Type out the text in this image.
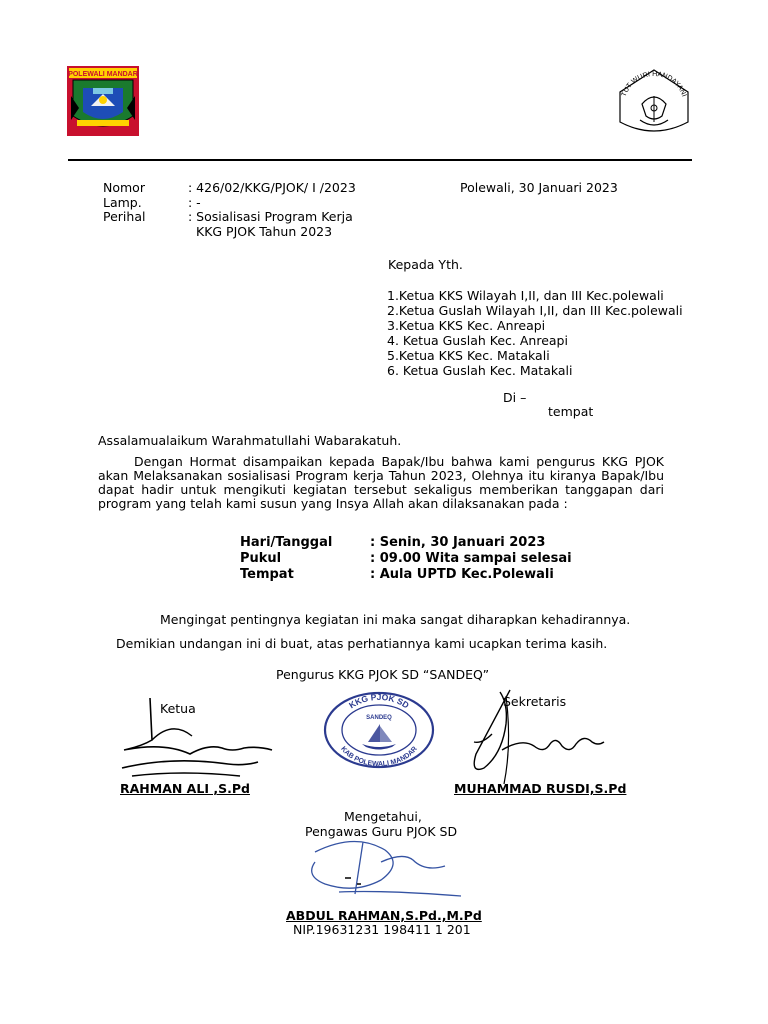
POLEWALI MANDAR
TUT WURI HANDAYANI
Nomor	: 426/02/KKG/PJOK/ I /2023	Polewali, 30 Januari 2023
Lamp.	: -
Perihal	: Sosialisasi Program Kerja
KKG PJOK Tahun 2023
Kepada Yth.
1.Ketua KKS Wilayah I,II, dan III Kec.polewali
2.Ketua Guslah Wilayah I,II, dan III Kec.polewali
3.Ketua KKS Kec. Anreapi
4. Ketua Guslah Kec. Anreapi
5.Ketua KKS Kec. Matakali
6. Ketua Guslah Kec. Matakali
Di –
tempat
Assalamualaikum Warahmatullahi Wabarakatuh.
Dengan Hormat disampaikan kepada Bapak/Ibu bahwa kami pengurus KKG PJOK akan Melaksanakan sosialisasi Program kerja Tahun 2023, Olehnya itu kiranya Bapak/Ibu dapat hadir untuk mengikuti kegiatan tersebut sekaligus memberikan tanggapan dari program yang telah kami susun yang Insya Allah akan dilaksanakan pada :
Hari/Tanggal	: Senin, 30 Januari 2023
Pukul	: 09.00 Wita sampai selesai
Tempat	: Aula UPTD Kec.Polewali
Mengingat pentingnya kegiatan ini maka sangat diharapkan kehadirannya.
Demikian undangan ini di buat, atas perhatiannya kami ucapkan terima kasih.
Pengurus KKG PJOK SD “SANDEQ”
Ketua
RAHMAN ALI ,S.Pd
KKG PJOK SD
KAB POLEWALI MANDAR
SANDEQ
Sekretaris
MUHAMMAD RUSDI,S.Pd
Mengetahui,
Pengawas Guru PJOK SD
ABDUL RAHMAN,S.Pd.,M.Pd
NIP.19631231 198411 1 201
